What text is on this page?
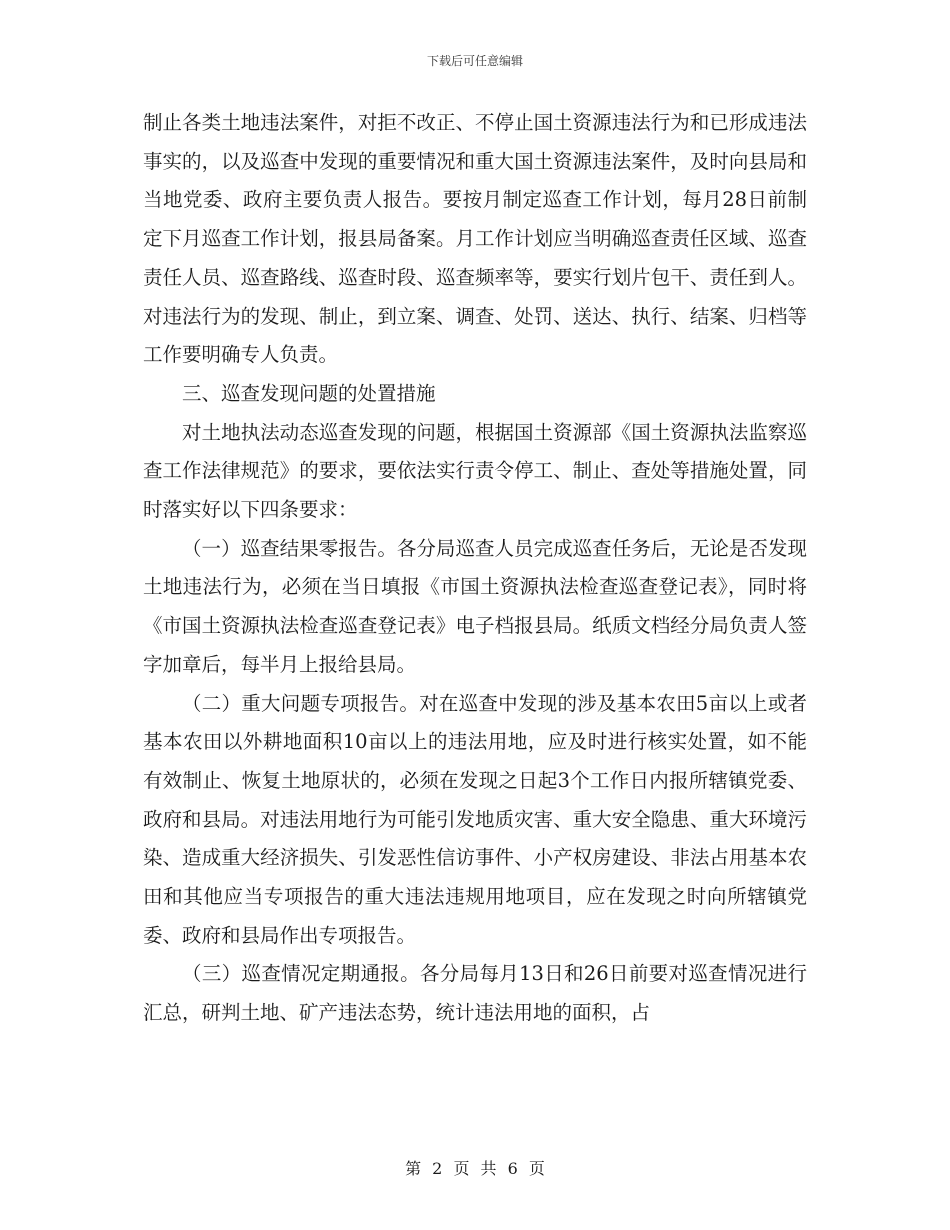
下载后可任意编辑

制止各类土地违法案件，对拒不改正、不停止国土资源违法行为和已形成违法事实的，以及巡查中发现的重要情况和重大国土资源违法案件，及时向县局和当地党委、政府主要负责人报告。要按月制定巡查工作计划，每月28日前制定下月巡查工作计划，报县局备案。月工作计划应当明确巡查责任区域、巡查责任人员、巡查路线、巡查时段、巡查频率等，要实行划片包干、责任到人。对违法行为的发现、制止，到立案、调查、处罚、送达、执行、结案、归档等工作要明确专人负责。

三、巡查发现问题的处置措施

对土地执法动态巡查发现的问题，根据国土资源部《国土资源执法监察巡查工作法律规范》的要求，要依法实行责令停工、制止、查处等措施处置，同时落实好以下四条要求：

（一）巡查结果零报告。各分局巡查人员完成巡查任务后，无论是否发现土地违法行为，必须在当日填报《市国土资源执法检查巡查登记表》，同时将《市国土资源执法检查巡查登记表》电子档报县局。纸质文档经分局负责人签字加章后，每半月上报给县局。

（二）重大问题专项报告。对在巡查中发现的涉及基本农田5亩以上或者基本农田以外耕地面积10亩以上的违法用地，应及时进行核实处置，如不能有效制止、恢复土地原状的，必须在发现之日起3个工作日内报所辖镇党委、政府和县局。对违法用地行为可能引发地质灾害、重大安全隐患、重大环境污染、造成重大经济损失、引发恶性信访事件、小产权房建设、非法占用基本农田和其他应当专项报告的重大违法违规用地项目，应在发现之时向所辖镇党委、政府和县局作出专项报告。

（三）巡查情况定期通报。各分局每月13日和26日前要对巡查情况进行汇总，研判土地、矿产违法态势，统计违法用地的面积，占

第 2 页 共 6 页
